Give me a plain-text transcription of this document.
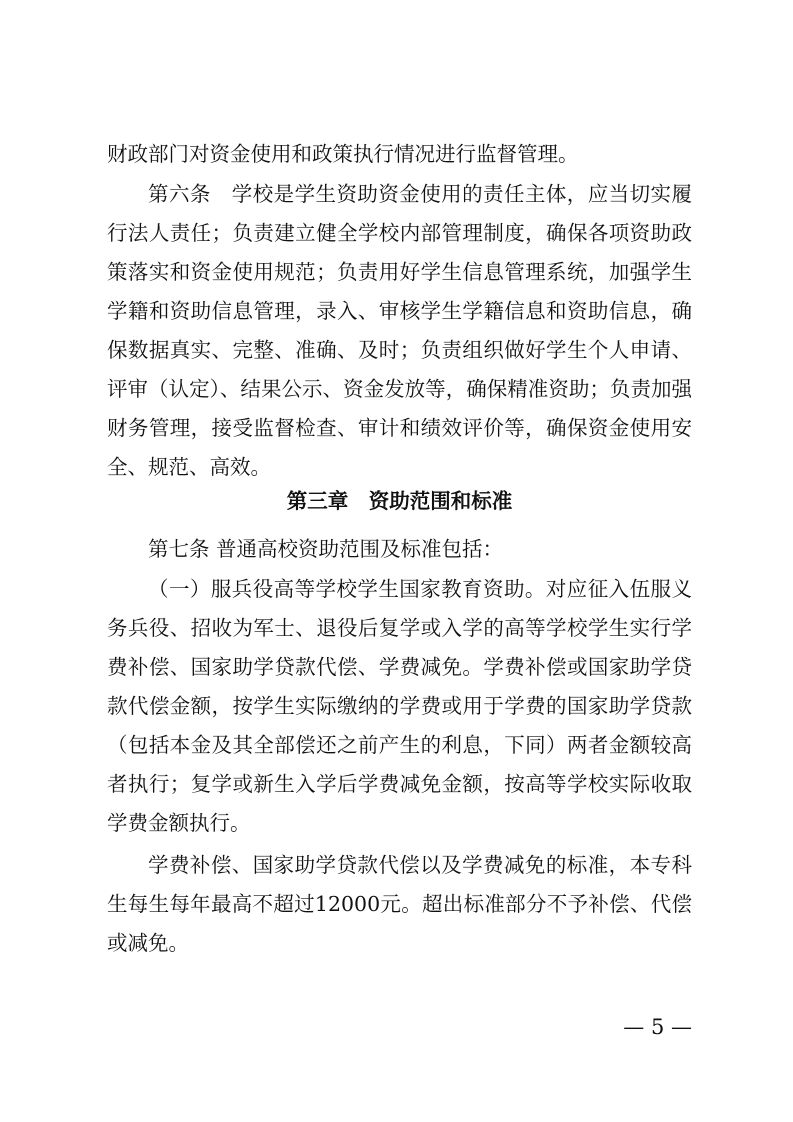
财政部门对资金使用和政策执行情况进行监督管理。
第六条　学校是学生资助资金使用的责任主体，应当切实履
行法人责任；负责建立健全学校内部管理制度，确保各项资助政
策落实和资金使用规范；负责用好学生信息管理系统，加强学生
学籍和资助信息管理，录入、审核学生学籍信息和资助信息，确
保数据真实、完整、准确、及时；负责组织做好学生个人申请、
评审（认定）、结果公示、资金发放等，确保精准资助；负责加强
财务管理，接受监督检查、审计和绩效评价等，确保资金使用安
全、规范、高效。
第三章　资助范围和标准
第七条 普通高校资助范围及标准包括：
（一）服兵役高等学校学生国家教育资助。对应征入伍服义
务兵役、招收为军士、退役后复学或入学的高等学校学生实行学
费补偿、国家助学贷款代偿、学费减免。学费补偿或国家助学贷
款代偿金额，按学生实际缴纳的学费或用于学费的国家助学贷款
（包括本金及其全部偿还之前产生的利息，下同）两者金额较高
者执行；复学或新生入学后学费减免金额，按高等学校实际收取
学费金额执行。
学费补偿、国家助学贷款代偿以及学费减免的标准，本专科
生每生每年最高不超过12000元。超出标准部分不予补偿、代偿
或减免。
— 5 —
